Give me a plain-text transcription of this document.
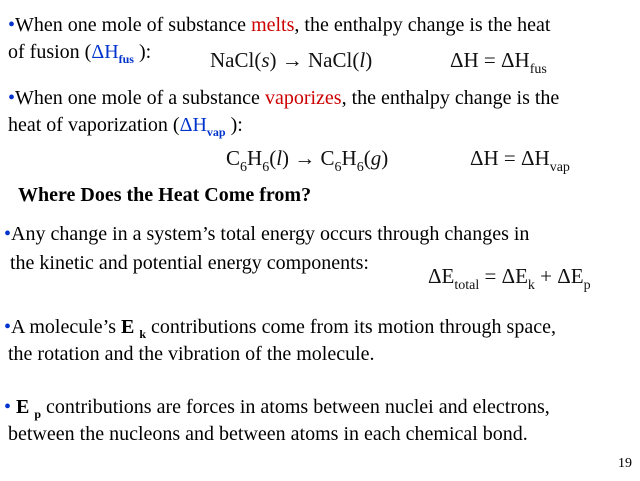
•When one mole of substance melts, the enthalpy change is the heat
of fusion ($\Delta H_{fus}$ ):	NaCl(s) → NaCl(l)	$\Delta H = \Delta H_{fus}$
•When one mole of a substance vaporizes, the enthalpy change is the
heat of vaporization ($\Delta H_{vap}$ ):
$C_6H_6(l) \to C_6H_6(g)$	$\Delta H = \Delta H_{vap}$
Where Does the Heat Come from?
•Any change in a system’s total energy occurs through changes in
the kinetic and potential energy components:
$\Delta E_{total} = \Delta E_k + \Delta E_p$
•A molecule’s E $_k$ contributions come from its motion through space,
the rotation and the vibration of the molecule.
• E $_p$ contributions are forces in atoms between nuclei and electrons,
between the nucleons and between atoms in each chemical bond.
19
